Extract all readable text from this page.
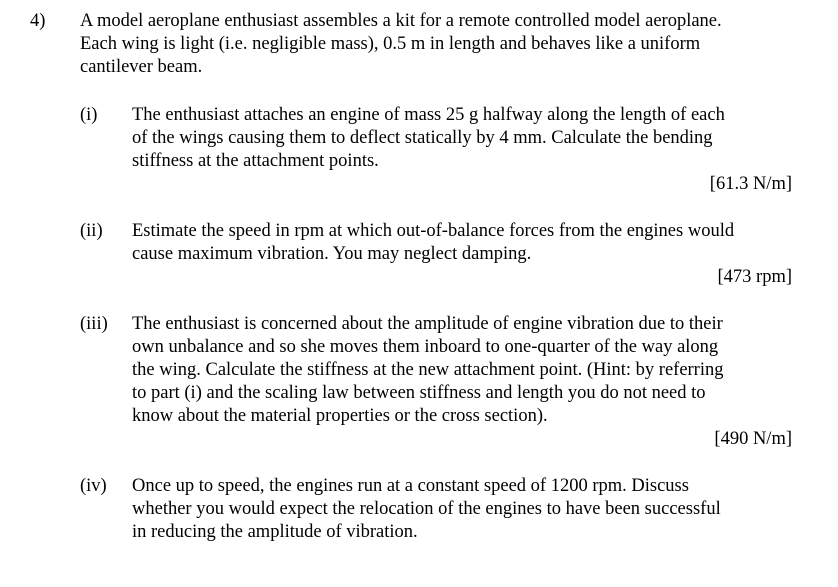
4) A model aeroplane enthusiast assembles a kit for a remote controlled model aeroplane.
Each wing is light (i.e. negligible mass), 0.5 m in length and behaves like a uniform
cantilever beam.
(i) The enthusiast attaches an engine of mass 25 g halfway along the length of each
of the wings causing them to deflect statically by 4 mm. Calculate the bending
stiffness at the attachment points.
[61.3 N/m]
(ii) Estimate the speed in rpm at which out-of-balance forces from the engines would
cause maximum vibration. You may neglect damping.
[473 rpm]
(iii) The enthusiast is concerned about the amplitude of engine vibration due to their
own unbalance and so she moves them inboard to one-quarter of the way along
the wing. Calculate the stiffness at the new attachment point. (Hint: by referring
to part (i) and the scaling law between stiffness and length you do not need to
know about the material properties or the cross section).
[490 N/m]
(iv) Once up to speed, the engines run at a constant speed of 1200 rpm. Discuss
whether you would expect the relocation of the engines to have been successful
in reducing the amplitude of vibration.
